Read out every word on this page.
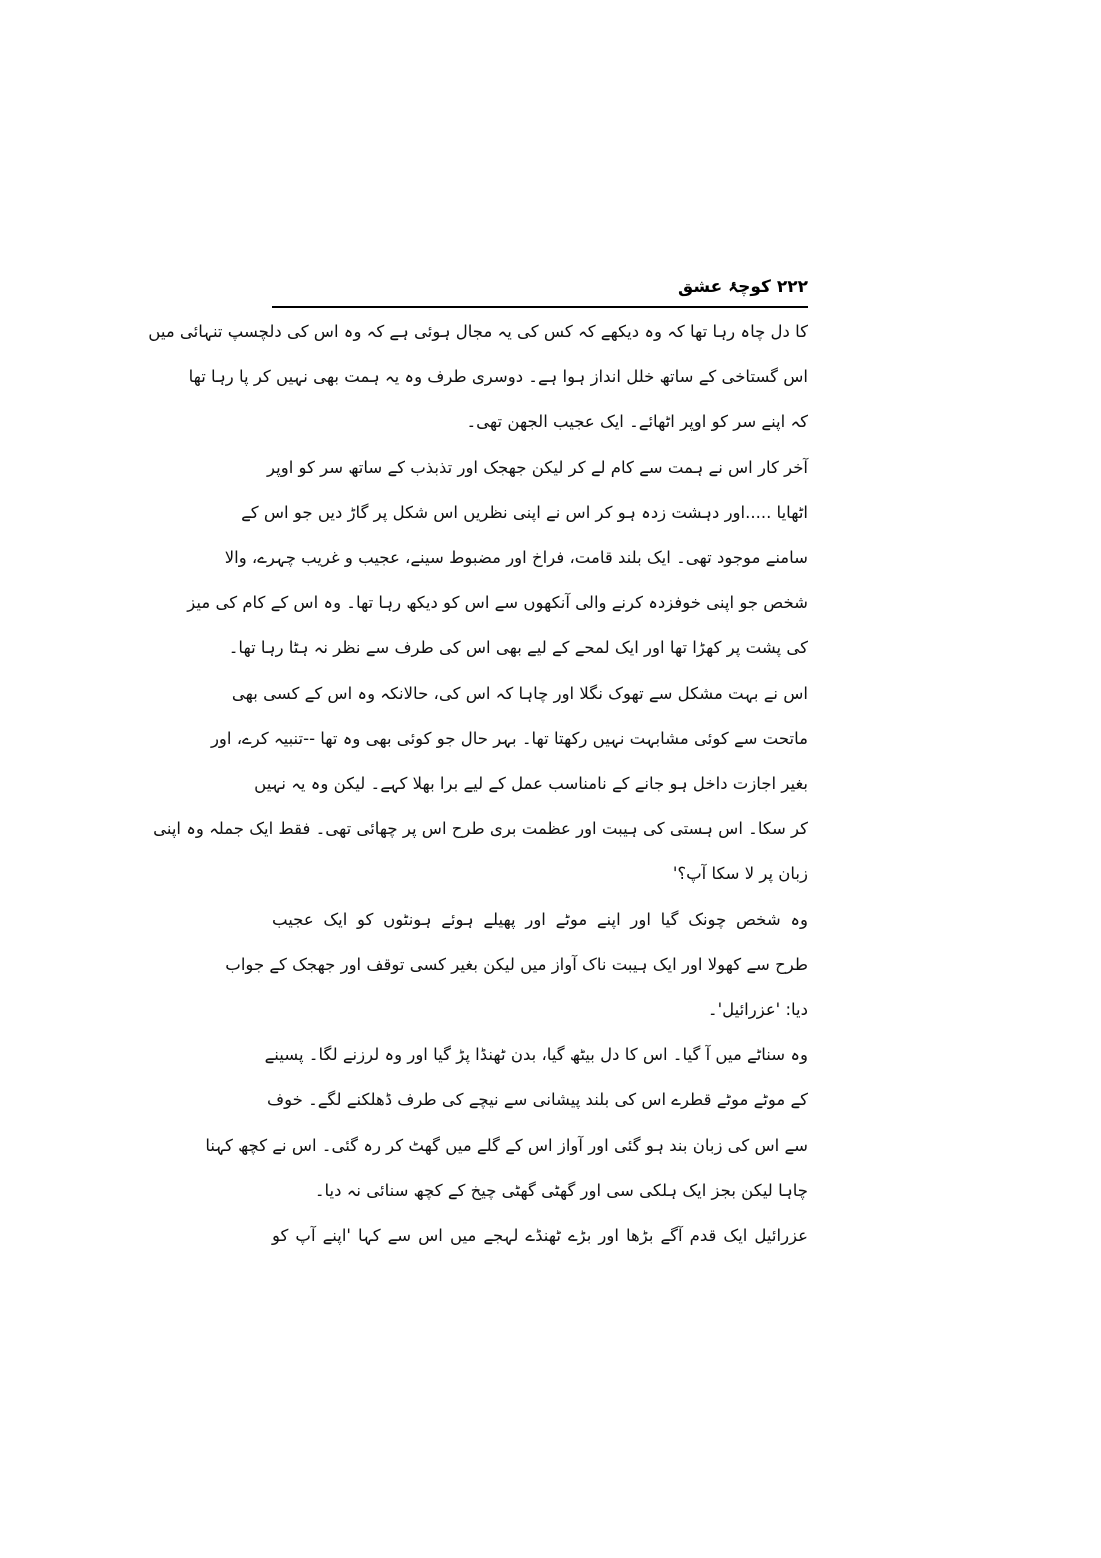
۲۲۲ کوچۂ عشق
کا دل چاہ رہا تھا کہ وہ دیکھے کہ کس کی یہ مجال ہوئی ہے کہ وہ اس کی دلچسپ تنہائی میں
اس گستاخی کے ساتھ خلل انداز ہوا ہے۔ دوسری طرف وہ یہ ہمت بھی نہیں کر پا رہا تھا
کہ اپنے سر کو اوپر اٹھائے۔ ایک عجیب الجھن تھی۔
آخر کار اس نے ہمت سے کام لے کر لیکن جھجک اور تذبذب کے ساتھ سر کو اوپر
اٹھایا .....اور دہشت زدہ ہو کر اس نے اپنی نظریں اس شکل پر گاڑ دیں جو اس کے
سامنے موجود تھی۔ ایک بلند قامت، فراخ اور مضبوط سینے، عجیب و غریب چہرے، والا
شخص جو اپنی خوفزدہ کرنے والی آنکھوں سے اس کو دیکھ رہا تھا۔ وہ اس کے کام کی میز
کی پشت پر کھڑا تھا اور ایک لمحے کے لیے بھی اس کی طرف سے نظر نہ ہٹا رہا تھا۔
اس نے بہت مشکل سے تھوک نگلا اور چاہا کہ اس کی، حالانکہ وہ اس کے کسی بھی
ماتحت سے کوئی مشابہت نہیں رکھتا تھا۔ بہر حال جو کوئی بھی وہ تھا --تنبیہ کرے، اور
بغیر اجازت داخل ہو جانے کے نامناسب عمل کے لیے برا بھلا کہے۔ لیکن وہ یہ نہیں
کر سکا۔ اس ہستی کی ہیبت اور عظمت بری طرح اس پر چھائی تھی۔ فقط ایک جملہ وہ اپنی
زبان پر لا سکا آپ؟'
وہ شخص چونک گیا اور اپنے موٹے اور پھیلے ہوئے ہونٹوں کو ایک عجیب
طرح سے کھولا اور ایک ہیبت ناک آواز میں لیکن بغیر کسی توقف اور جھجک کے جواب
دیا: 'عزرائیل'۔
وہ سناٹے میں آ گیا۔ اس کا دل بیٹھ گیا، بدن ٹھنڈا پڑ گیا اور وہ لرزنے لگا۔ پسینے
کے موٹے موٹے قطرے اس کی بلند پیشانی سے نیچے کی طرف ڈھلکنے لگے۔ خوف
سے اس کی زبان بند ہو گئی اور آواز اس کے گلے میں گھٹ کر رہ گئی۔ اس نے کچھ کہنا
چاہا لیکن بجز ایک ہلکی سی اور گھٹی گھٹی چیخ کے کچھ سنائی نہ دیا۔
عزرائیل ایک قدم آگے بڑھا اور بڑے ٹھنڈے لہجے میں اس سے کہا 'اپنے آپ کو
